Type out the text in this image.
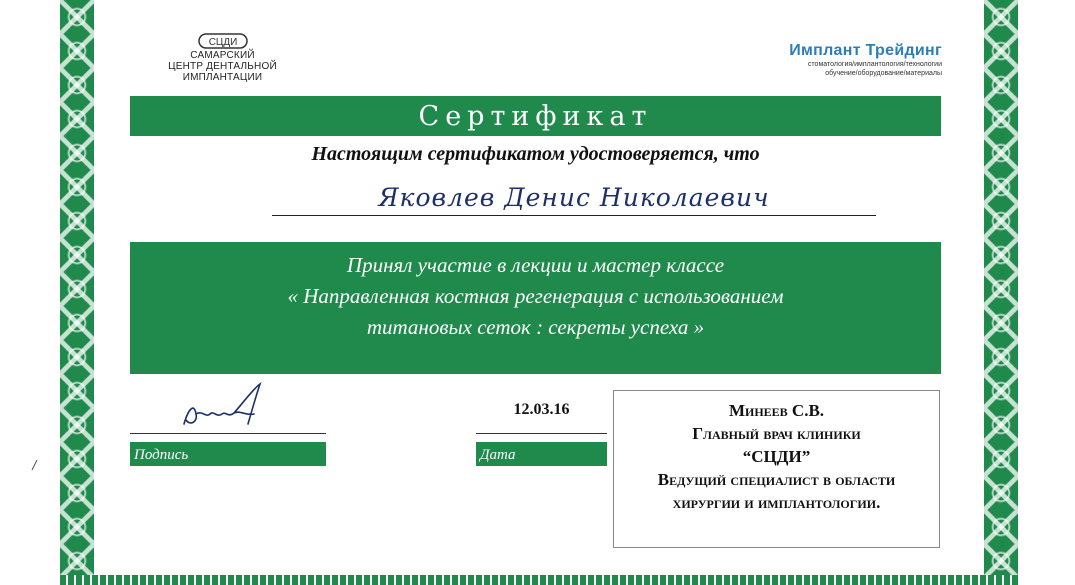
СЦДИ
САМАРСКИЙ
ЦЕНТР ДЕНТАЛЬНОЙ
ИМПЛАНТАЦИИ
Имплант Трейдинг
стоматология/имплантология/технологии
обучение/оборудование/материалы
Сертификат
Настоящим сертификатом удостоверяется, что
Яковлев Денис Николаевич
Принял участие в лекции и мастер классе
« Направленная костная регенерация с использованием
титановых сеток : секреты успеха »
Подпись
12.03.16
Дата
Минеев С.В.
Главный врач клиники
“СЦДИ”
Ведущий специалист в области
хирургии и имплантологии.
